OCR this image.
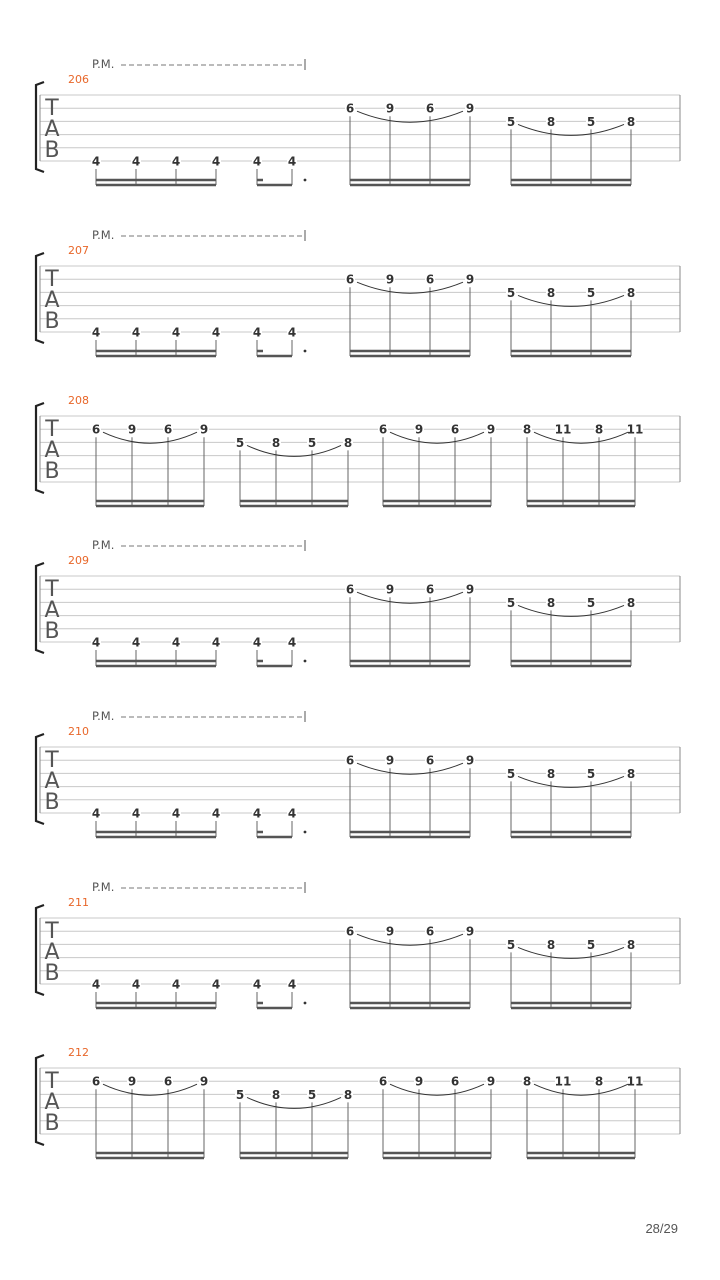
P.M.
206
T
A
B	4	4	4	4	4 4
6	9	6	9
5	8	5	8
P.M.
207
T
A
B	4	4	4	4	4 4
6	9	6	9
5	8	5	8
208
T
A
B
6 9 6 9
5 8 5 8
6 9 6 9 8 11 8 11
P.M.
209
T
A
B	4	4	4	4	4 4
6	9	6	9
5	8	5	8
P.M.
210
T
A
B	4	4	4	4	4 4
6	9	6	9
5	8	5	8
P.M.
211
T
A
B	4	4	4	4	4 4
6	9	6	9
5	8	5	8
212
T
A
B
6 9 6 9
5 8 5 8
6 9 6 9 8 11 8 11
28/29
